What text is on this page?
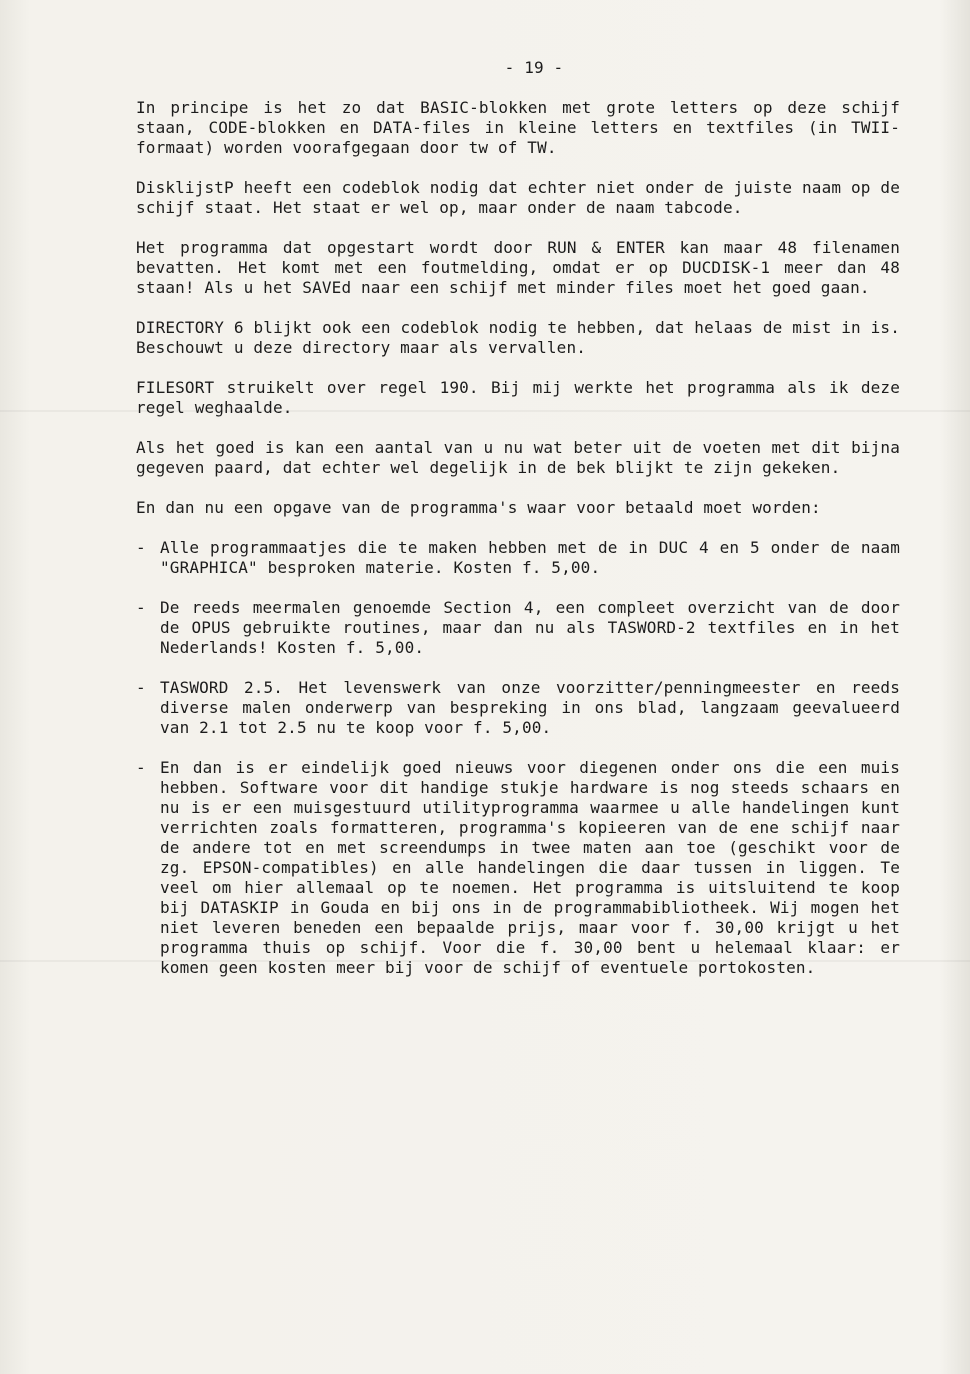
- 19 -

In principe is het zo dat BASIC-blokken met grote letters op deze schijf staan, CODE-blokken en DATA-files in kleine letters en textfiles (in TWII-formaat) worden voorafgegaan door tw of TW.

DisklijstP heeft een codeblok nodig dat echter niet onder de juiste naam op de schijf staat. Het staat er wel op, maar onder de naam tabcode.

Het programma dat opgestart wordt door RUN & ENTER kan maar 48 filenamen bevatten. Het komt met een foutmelding, omdat er op DUCDISK-1 meer dan 48 staan! Als u het SAVEd naar een schijf met minder files moet het goed gaan.

DIRECTORY 6 blijkt ook een codeblok nodig te hebben, dat helaas de mist in is. Beschouwt u deze directory maar als vervallen.

FILESORT struikelt over regel 190. Bij mij werkte het programma als ik deze regel weghaalde.

Als het goed is kan een aantal van u nu wat beter uit de voeten met dit bijna gegeven paard, dat echter wel degelijk in de bek blijkt te zijn gekeken.

En dan nu een opgave van de programma's waar voor betaald moet worden:

- Alle programmaatjes die te maken hebben met de in DUC 4 en 5 onder de naam "GRAPHICA" besproken materie. Kosten f. 5,00.
- De reeds meermalen genoemde Section 4, een compleet overzicht van de door de OPUS gebruikte routines, maar dan nu als TASWORD-2 textfiles en in het Nederlands! Kosten f. 5,00.
- TASWORD 2.5. Het levenswerk van onze voorzitter/penningmeester en reeds diverse malen onderwerp van bespreking in ons blad, langzaam geevalueerd van 2.1 tot 2.5 nu te koop voor f. 5,00.
- En dan is er eindelijk goed nieuws voor diegenen onder ons die een muis hebben. Software voor dit handige stukje hardware is nog steeds schaars en nu is er een muisgestuurd utilityprogramma waarmee u alle handelingen kunt verrichten zoals formatteren, programma's kopieeren van de ene schijf naar de andere tot en met screendumps in twee maten aan toe (geschikt voor de zg. EPSON-compatibles) en alle handelingen die daar tussen in liggen. Te veel om hier allemaal op te noemen. Het programma is uitsluitend te koop bij DATASKIP in Gouda en bij ons in de programmabibliotheek. Wij mogen het niet leveren beneden een bepaalde prijs, maar voor f. 30,00 krijgt u het programma thuis op schijf. Voor die f. 30,00 bent u helemaal klaar: er komen geen kosten meer bij voor de schijf of eventuele portokosten.
